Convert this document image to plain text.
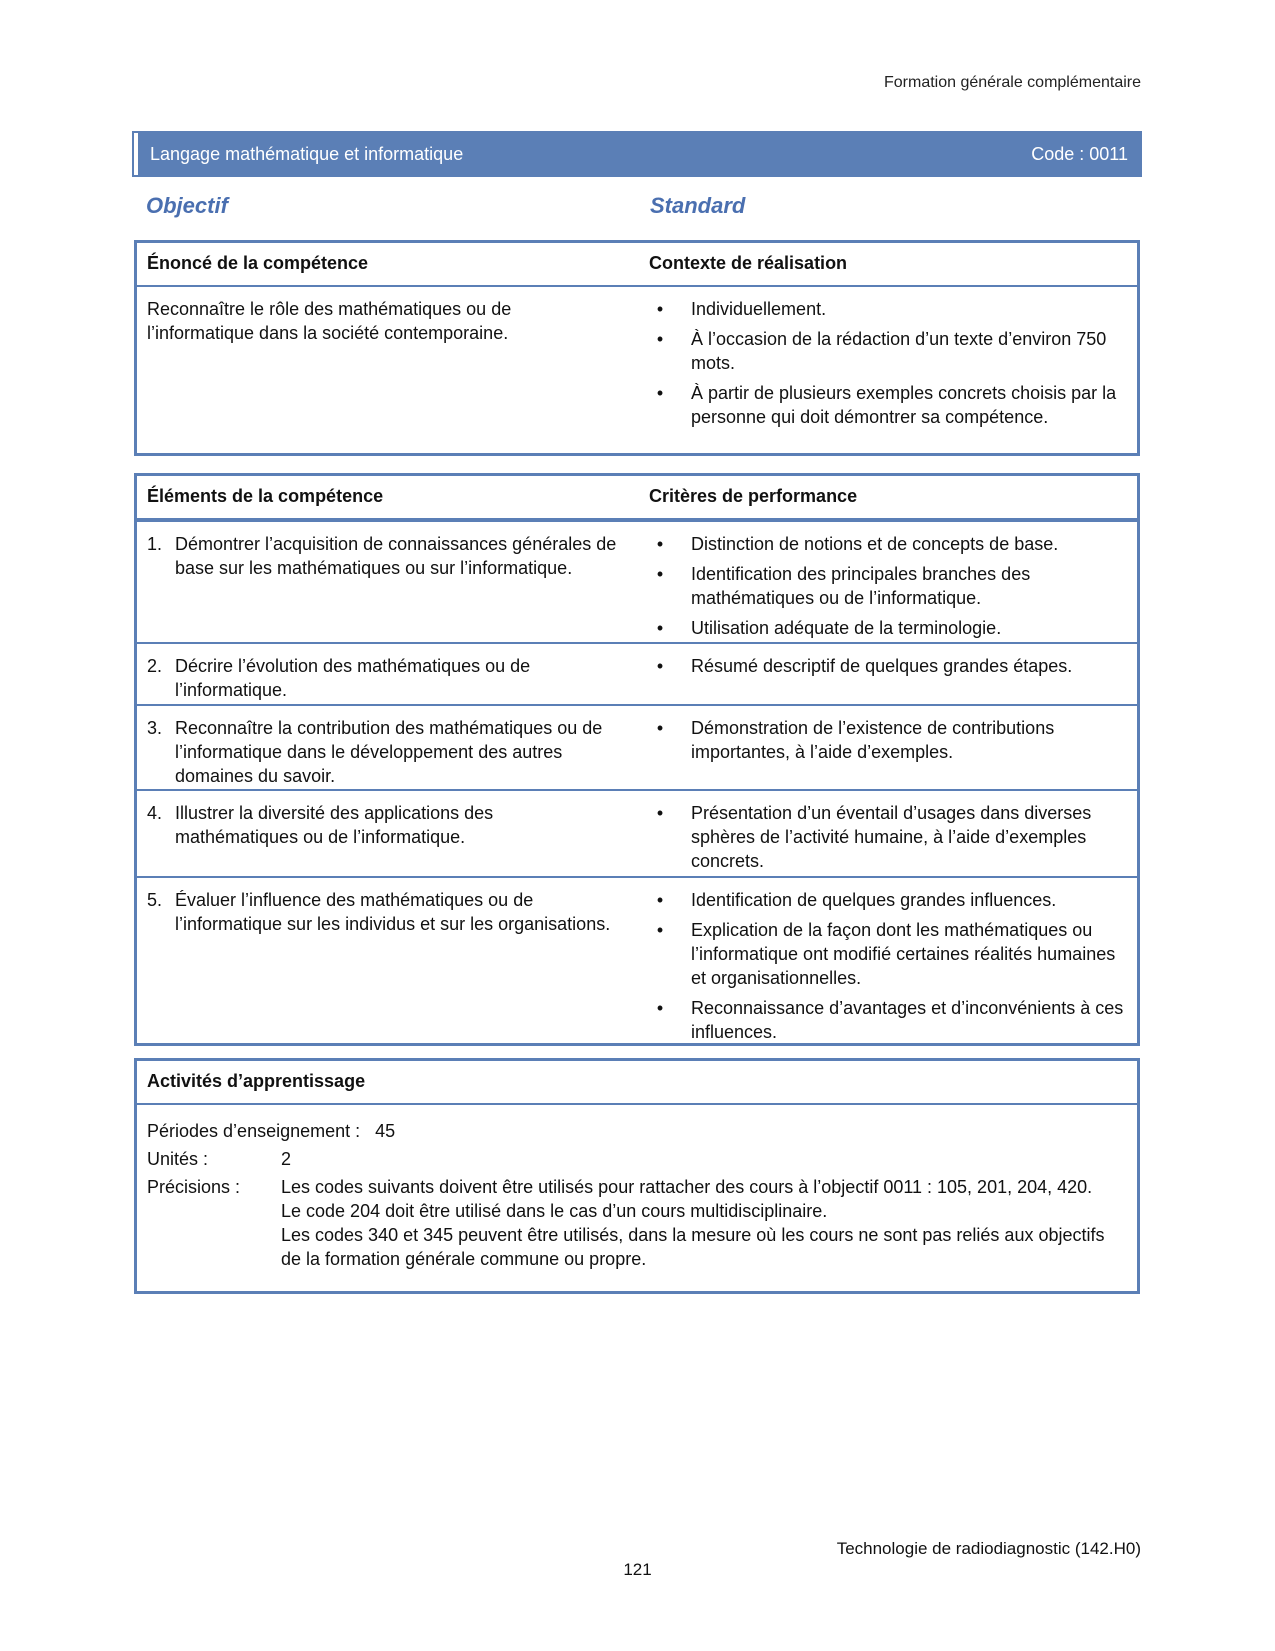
Formation générale complémentaire
Langage mathématique et informatique	Code : 0011
Objectif	Standard
Énoncé de la compétence	Contexte de réalisation
Reconnaître le rôle des mathématiques ou de l’informatique dans la société contemporaine.
• Individuellement.
• À l’occasion de la rédaction d’un texte d’environ 750 mots.
• À partir de plusieurs exemples concrets choisis par la personne qui doit démontrer sa compétence.
Éléments de la compétence	Critères de performance
1. Démontrer l’acquisition de connaissances générales de base sur les mathématiques ou sur l’informatique.
• Distinction de notions et de concepts de base.
• Identification des principales branches des mathématiques ou de l’informatique.
• Utilisation adéquate de la terminologie.
2. Décrire l’évolution des mathématiques ou de l’informatique.
• Résumé descriptif de quelques grandes étapes.
3. Reconnaître la contribution des mathématiques ou de l’informatique dans le développement des autres domaines du savoir.
• Démonstration de l’existence de contributions importantes, à l’aide d’exemples.
4. Illustrer la diversité des applications des mathématiques ou de l’informatique.
• Présentation d’un éventail d’usages dans diverses sphères de l’activité humaine, à l’aide d’exemples concrets.
5. Évaluer l’influence des mathématiques ou de l’informatique sur les individus et sur les organisations.
• Identification de quelques grandes influences.
• Explication de la façon dont les mathématiques ou l’informatique ont modifié certaines réalités humaines et organisationnelles.
• Reconnaissance d’avantages et d’inconvénients à ces influences.
Activités d’apprentissage
Périodes d’enseignement : 45
Unités :	2
Précisions : Les codes suivants doivent être utilisés pour rattacher des cours à l’objectif 0011 : 105, 201, 204, 420.
Le code 204 doit être utilisé dans le cas d’un cours multidisciplinaire.
Les codes 340 et 345 peuvent être utilisés, dans la mesure où les cours ne sont pas reliés aux objectifs de la formation générale commune ou propre.
Technologie de radiodiagnostic (142.H0)
121
